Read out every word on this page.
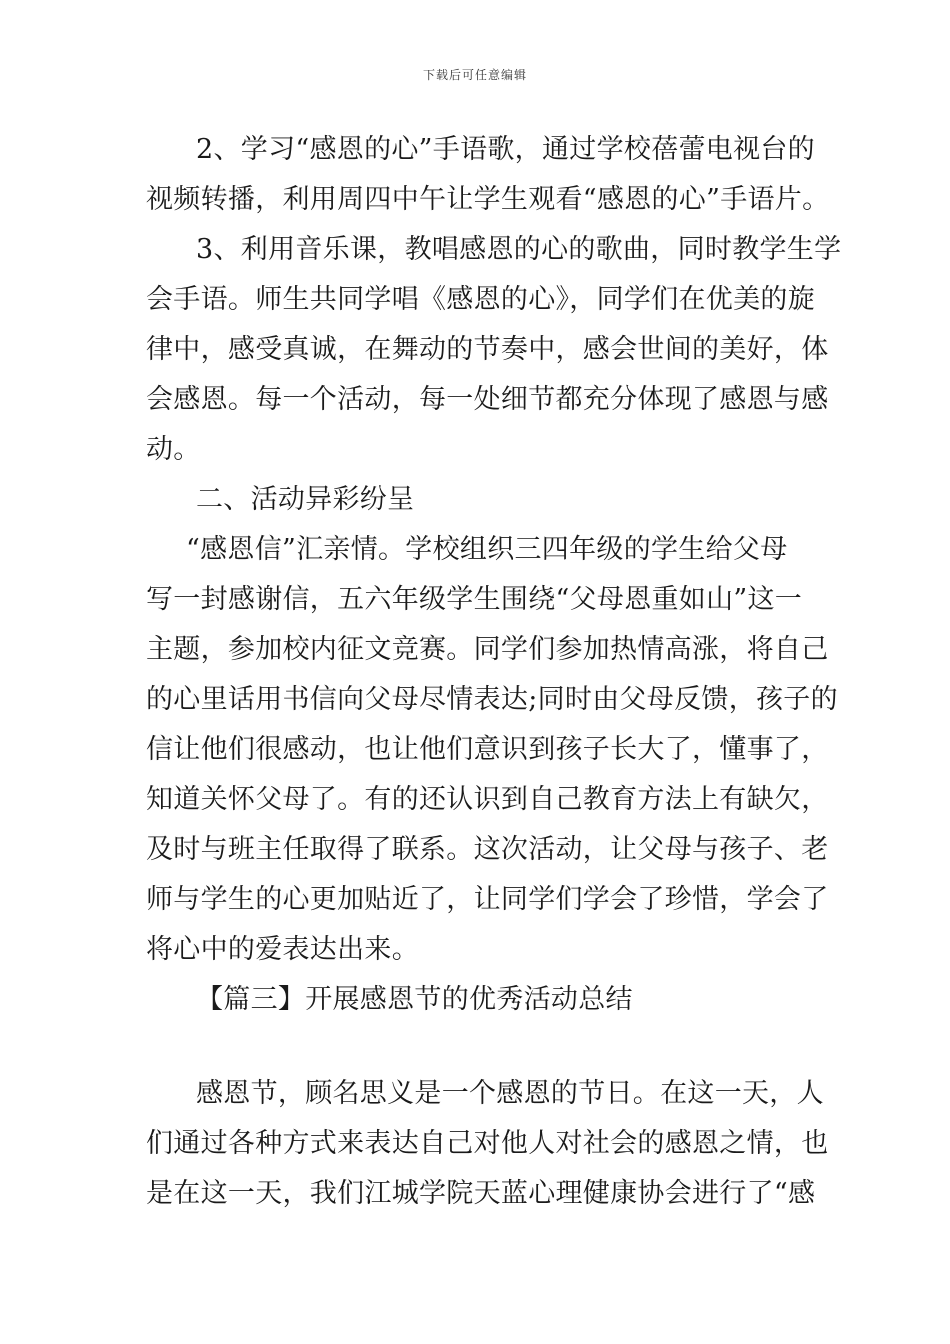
下载后可任意编辑
2、学习“感恩的心”手语歌，通过学校蓓蕾电视台的
视频转播，利用周四中午让学生观看“感恩的心”手语片。
3、利用音乐课，教唱感恩的心的歌曲，同时教学生学
会手语。师生共同学唱《感恩的心》，同学们在优美的旋
律中，感受真诚，在舞动的节奏中，感会世间的美好，体
会感恩。每一个活动，每一处细节都充分体现了感恩与感
动。
二、活动异彩纷呈
“感恩信”汇亲情。学校组织三四年级的学生给父母
写一封感谢信，五六年级学生围绕“父母恩重如山”这一
主题，参加校内征文竞赛。同学们参加热情高涨，将自己
的心里话用书信向父母尽情表达;同时由父母反馈，孩子的
信让他们很感动，也让他们意识到孩子长大了，懂事了，
知道关怀父母了。有的还认识到自己教育方法上有缺欠，
及时与班主任取得了联系。这次活动，让父母与孩子、老
师与学生的心更加贴近了，让同学们学会了珍惜，学会了
将心中的爱表达出来。
【篇三】开展感恩节的优秀活动总结
感恩节，顾名思义是一个感恩的节日。在这一天，人
们通过各种方式来表达自己对他人对社会的感恩之情，也
是在这一天，我们江城学院天蓝心理健康协会进行了“感
